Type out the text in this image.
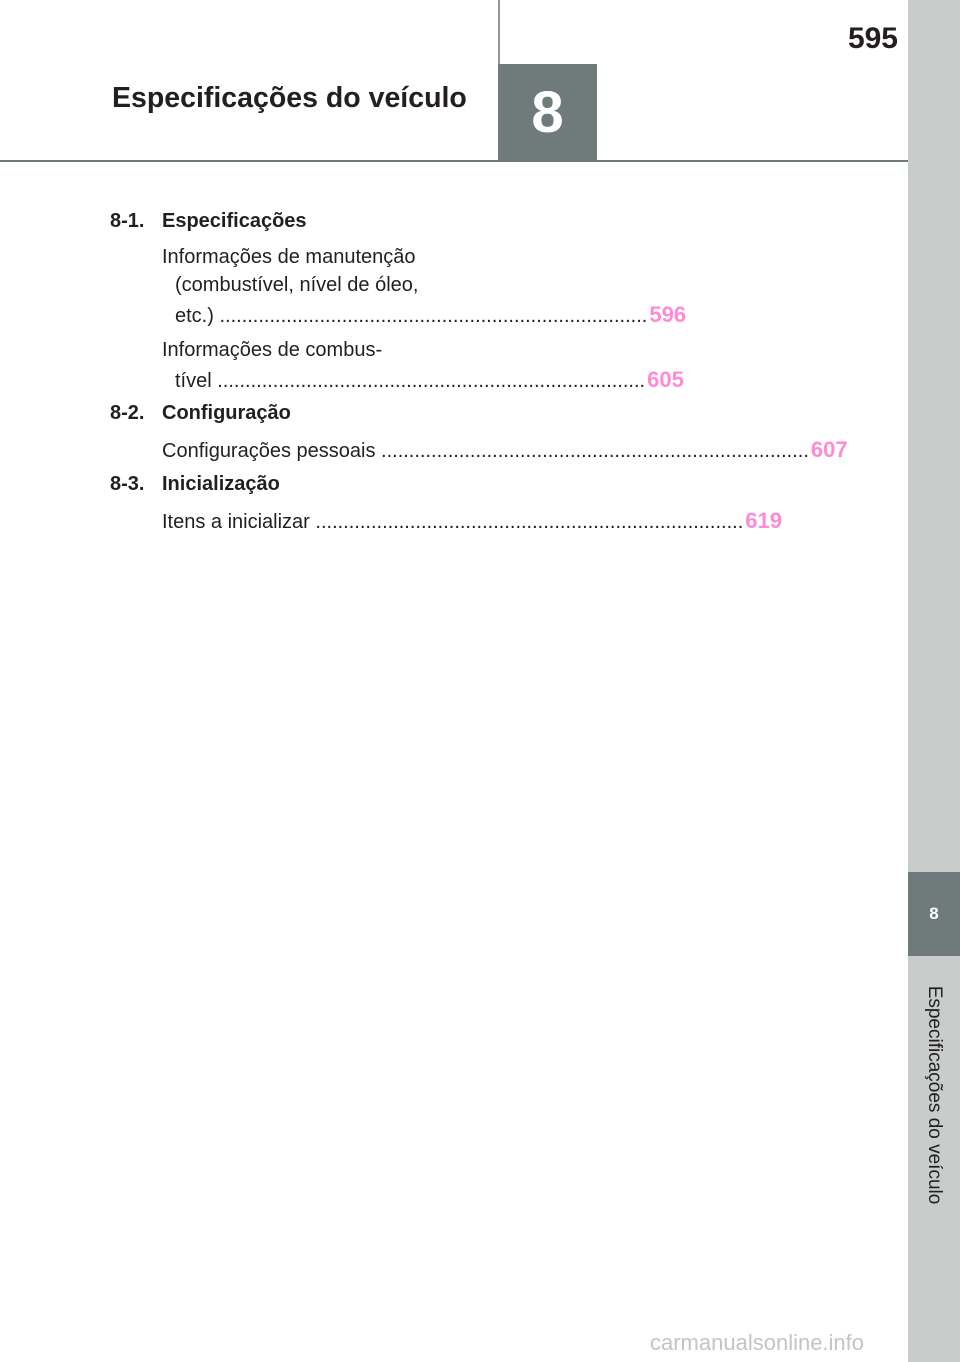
8
Especificações do veículo
595
8
Especificações do veículo
8-1. Especificações
Informações de manutenção
(combustível, nível de óleo,
etc.) ............................................................................. 596
Informações de combus-
tível ............................................................................. 605
8-2. Configuração
Configurações pessoais ............................................................................. 607
8-3. Inicialização
Itens a inicializar ............................................................................. 619
carmanualsonline.info
